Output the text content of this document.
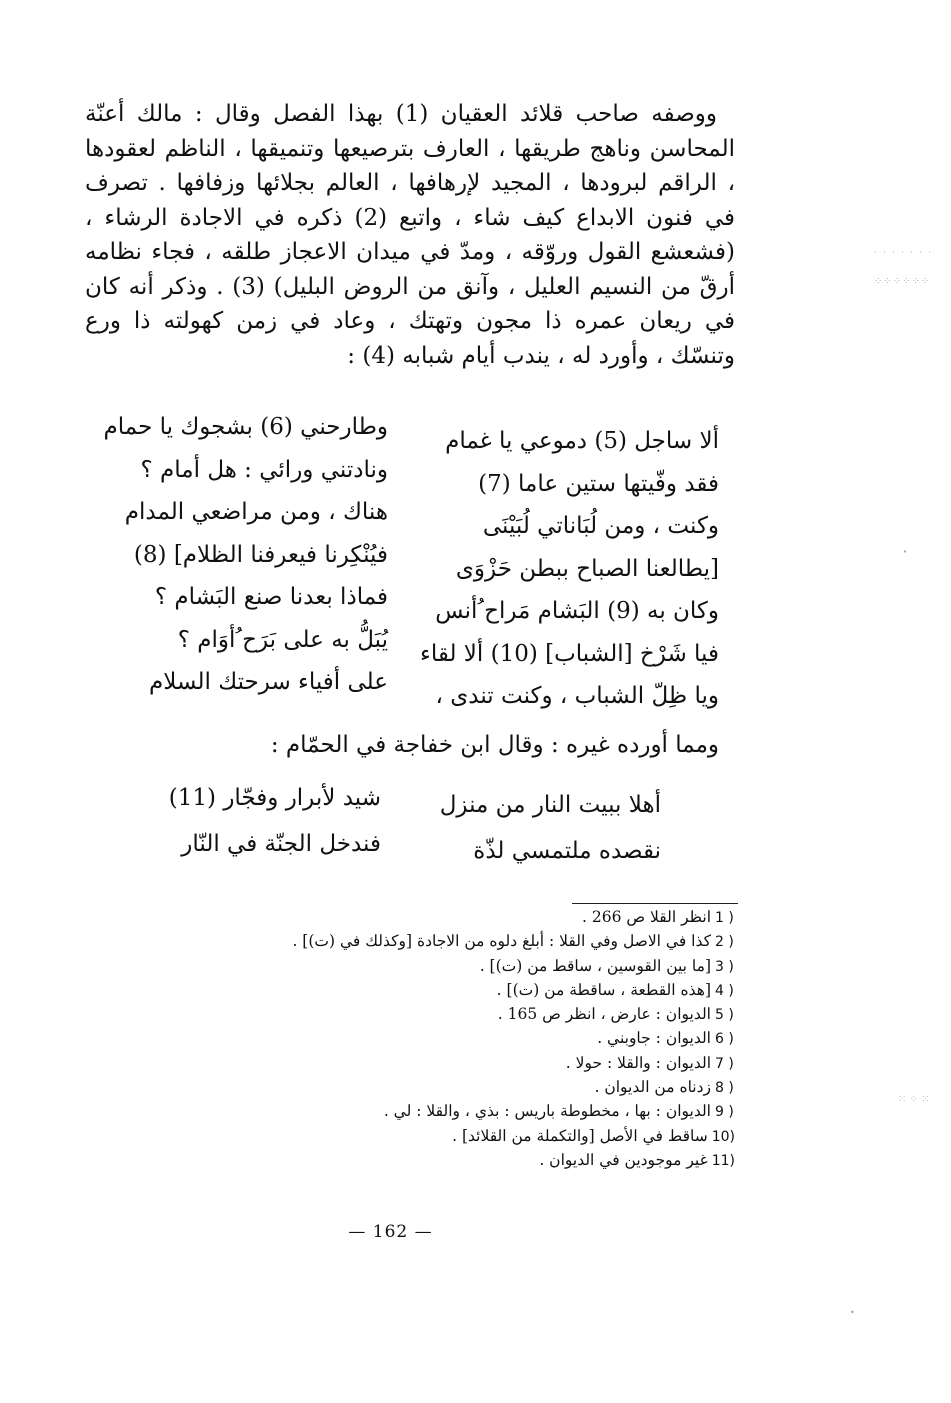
ووصفه صاحب قلائد العقيان (1) بهذا الفصل وقال : مالك أعنّة المحاسن وناهج طريقها ، العارف بترصيعها وتنميقها ، الناظم لعقودها ، الراقم لبرودها ، المجيد لإرهافها ، العالم بجلائها وزفافها . تصرف في فنون الابداع كيف شاء ، واتبع (2) ذكره في الاجادة الرشاء ، (فشعشع القول وروّقه ، ومدّ في ميدان الاعجاز طلقه ، فجاء نظامه أرقّ من النسيم العليل ، وآنق من الروض البليل) (3) . وذكر أنه كان في ريعان عمره ذا مجون وتهتك ، وعاد في زمن كهولته ذا ورع وتنسّك ، وأورد له ، يندب أيام شبابه (4) :

ألا ساجل (5) دموعي يا غمام
فقد وفّيتها ستين عاما (7)
وكنت ، ومن لُبَاناتي لُبَيْنَى
[يطالعنا الصباح ببطن حَزْوَى
وكان به (9) البَشام مَراح ُأنس
فيا شَرْخ [الشباب] (10) ألا لقاء
ويا ظِلّ الشباب ، وكنت تندى ،
وطارحني (6) بشجوك يا حمام
ونادتني ورائي : هل أمام ؟
هناك ، ومن مراضعي المدام
فيُنْكِرنا فيعرفنا الظلام] (8)
فماذا بعدنا صنع البَشام ؟
يُبَلُّ به على بَرَح ُأوَام ؟
على أفياء سرحتك السلام
ومما أورده غيره : وقال ابن خفاجة في الحمّام :
أهلا ببيت النار من منزل
نقصده ملتمسي لذّة
شيد لأبرار وفجّار (11)
فندخل الجنّة في النّار
1 )انظر القلا ص 266 .
2 )كذا في الاصل وفي القلا : أبلغ دلوه من الاجادة [وكذلك في (ت)] .
3 )[ما بين القوسين ، ساقط من (ت)] .
4 )[هذه القطعة ، ساقطة من (ت)] .
5 )الديوان : عارض ، انظر ص 165 .
6 )الديوان : جاوبني .
7 )الديوان : والقلا : حولا .
8 )زدناه من الديوان .
9 )الديوان : بها ، مخطوطة باريس : بذي ، والقلا : لي .
10)ساقط في الأصل [والتكملة من القلائد] .
11)غير موجودين في الديوان .
— 162 —
· · · · · · ·
⁘⁘⁘⁘⁘⁘
⁙ ⁘ ⁙
•
•
